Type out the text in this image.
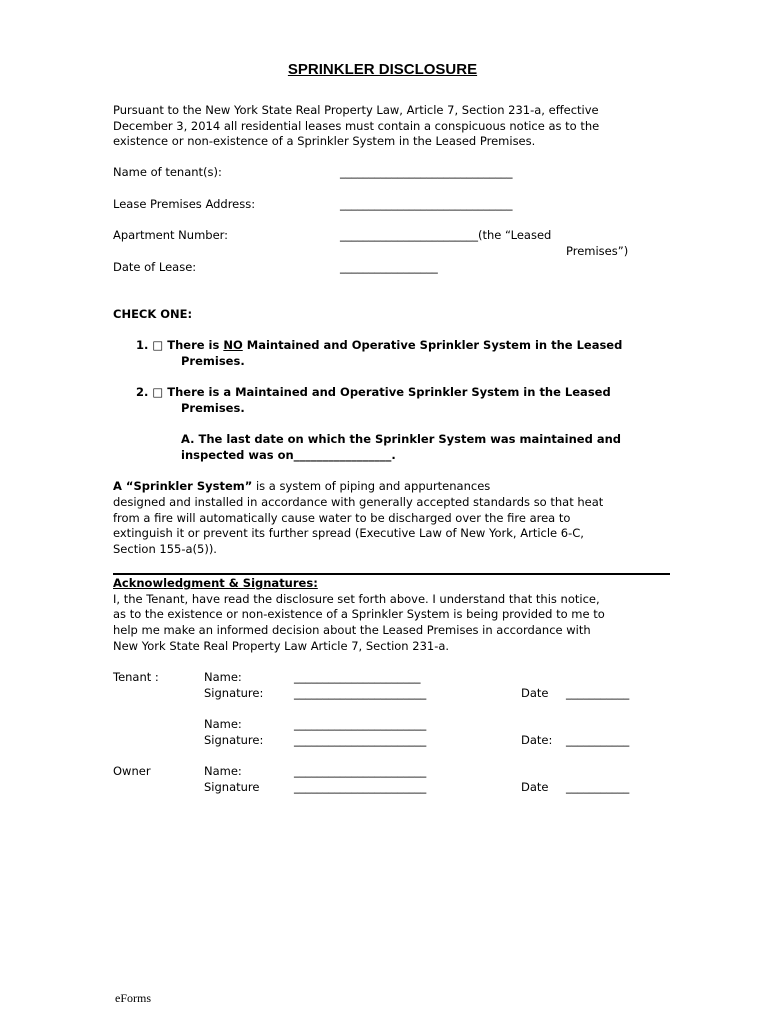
SPRINKLER DISCLOSURE
Pursuant to the New York State Real Property Law, Article 7, Section 231-a, effective
December 3, 2014 all residential leases must contain a conspicuous notice as to the
existence or non-existence of a Sprinkler System in the Leased Premises.
Name of tenant(s):	______________________________
Lease Premises Address:	______________________________
Apartment Number:	________________________(the “Leased
Premises”)
Date of Lease:	_________________
CHECK ONE:
1. □ There is NO Maintained and Operative Sprinkler System in the Leased
Premises.
2. □ There is a Maintained and Operative Sprinkler System in the Leased
Premises.
A. The last date on which the Sprinkler System was maintained and
inspected was on_________________.
A “Sprinkler System” is a system of piping and appurtenances
designed and installed in accordance with generally accepted standards so that heat
from a fire will automatically cause water to be discharged over the fire area to
extinguish it or prevent its further spread (Executive Law of New York, Article 6-C,
Section 155-a(5)).
Acknowledgment & Signatures:
I, the Tenant, have read the disclosure set forth above. I understand that this notice,
as to the existence or non-existence of a Sprinkler System is being provided to me to
help me make an informed decision about the Leased Premises in accordance with
New York State Real Property Law Article 7, Section 231-a.
Tenant :	Name:	______________________
Signature:	_______________________	Date ___________
Name:	_______________________
Signature:	_______________________	Date: ___________
Owner	Name:	_______________________
Signature	_______________________	Date ___________
eForms
